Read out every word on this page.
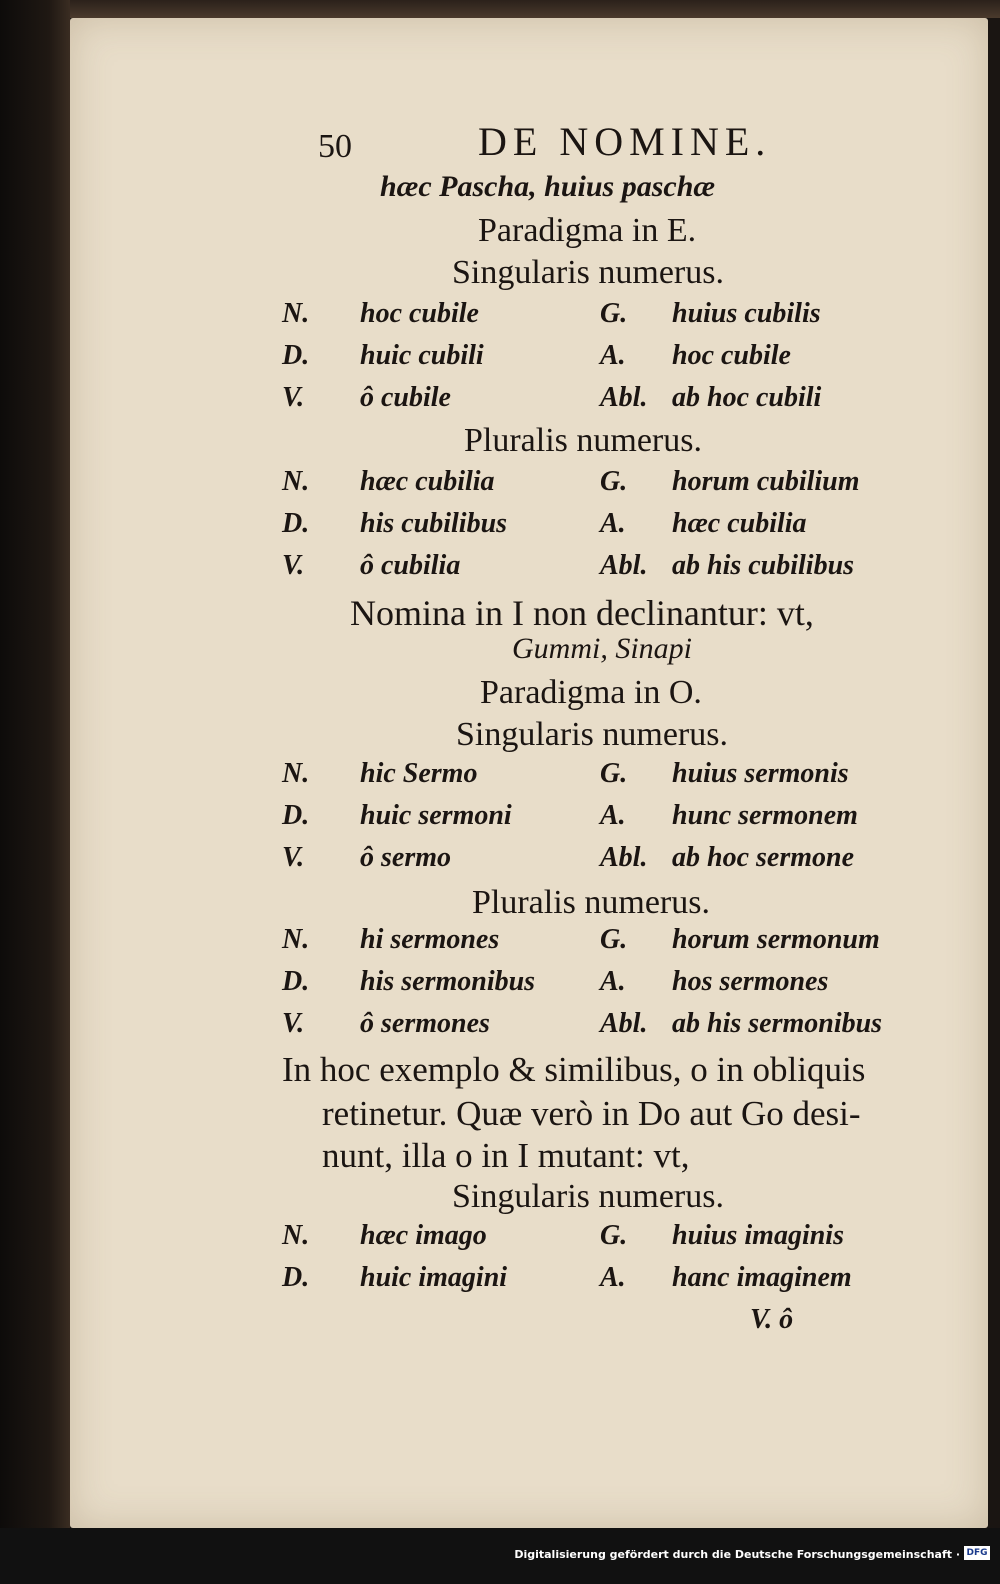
50	DE NOMINE.
hæc Pascha, huius paschæ
Paradigma in E.
Singularis numerus.
N. hoc cubile	G. huius cubilis
D. huic cubili	A. hoc cubile
V. ô cubile	Abl. ab hoc cubili
Pluralis numerus.
N. hæc cubilia	G. horum cubilium
D. his cubilibus	A. hæc cubilia
V. ô cubilia	Abl. ab his cubilibus
Nomina in I non declinantur: vt,
Gummi, Sinapi
Paradigma in O.
Singularis numerus.
N. hic Sermo	G. huius sermonis
D. huic sermoni	A. hunc sermonem
V. ô sermo	Abl. ab hoc sermone
Pluralis numerus.
N. hi sermones	G. horum sermonum
D. his sermonibus A. hos sermones
V. ô sermones	Abl. ab his sermonibus
In hoc exemplo & similibus, o in obliquis
retinetur. Quæ verò in Do aut Go desi-
nunt, illa o in I mutant: vt,
Singularis numerus.
N. hæc imago	G. huius imaginis
D. huic imagini	A. hanc imaginem
V. ô
Digitalisierung gefördert durch die Deutsche Forschungsgemeinschaft · DFG
